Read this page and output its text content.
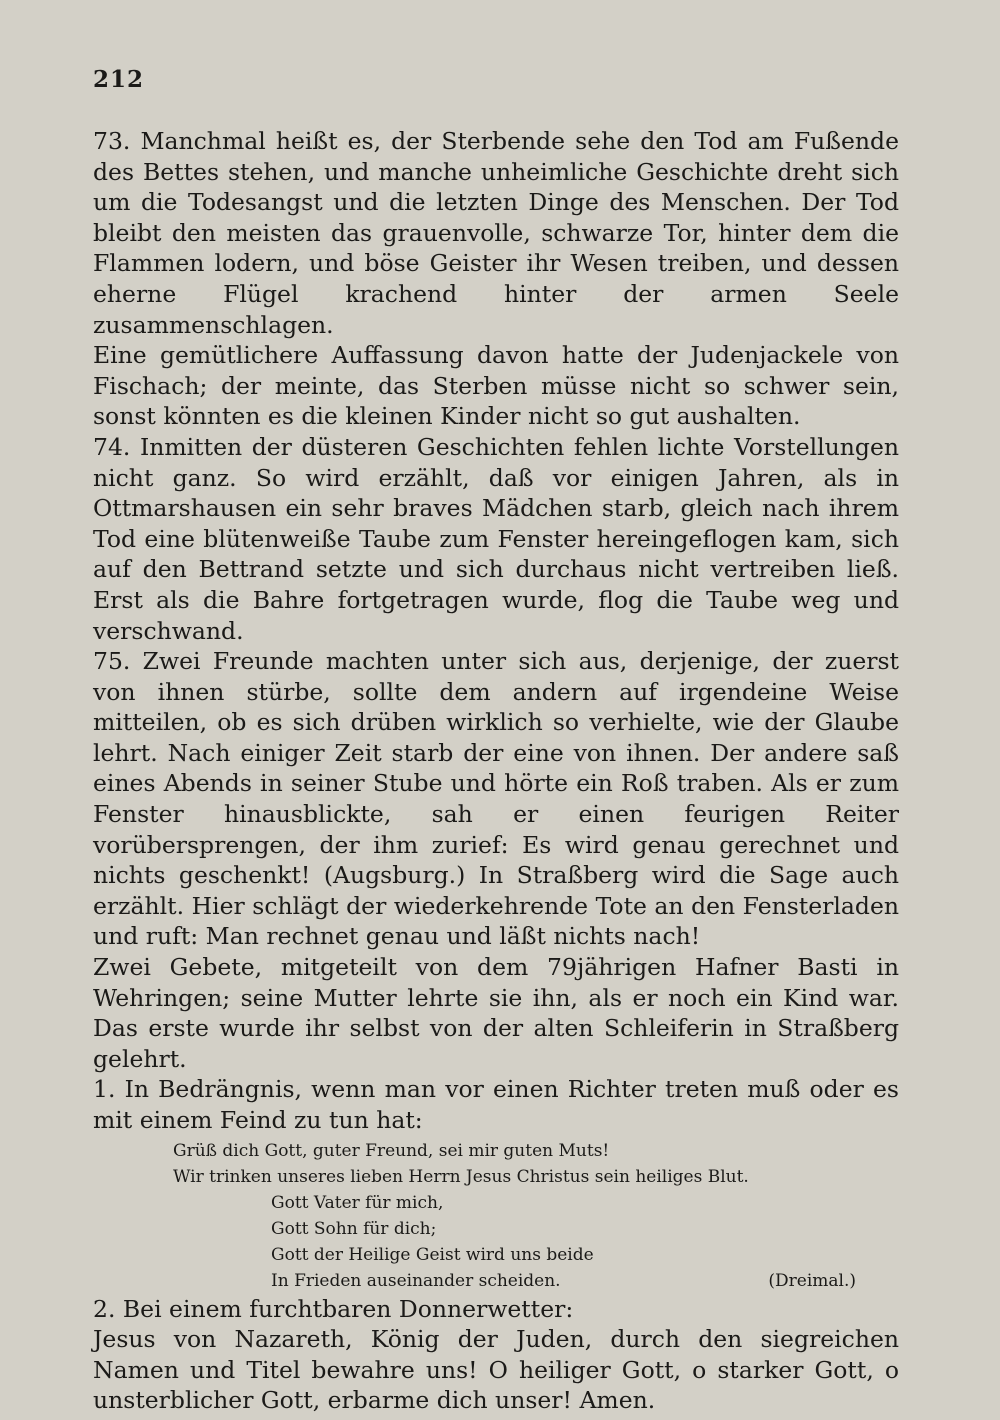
212

73. Manchmal heißt es, der Sterbende sehe den Tod am Fußende des Bettes stehen, und manche unheimliche Geschichte dreht sich um die Todesangst und die letzten Dinge des Menschen. Der Tod bleibt den meisten das grauenvolle, schwarze Tor, hinter dem die Flammen lodern, und böse Geister ihr Wesen treiben, und dessen eherne Flügel krachend hinter der armen Seele zusammenschlagen.

Eine gemütlichere Auffassung davon hatte der Judenjackele von Fischach; der meinte, das Sterben müsse nicht so schwer sein, sonst könnten es die kleinen Kinder nicht so gut aushalten.

74. Inmitten der düsteren Geschichten fehlen lichte Vorstellungen nicht ganz. So wird erzählt, daß vor einigen Jahren, als in Ottmarshausen ein sehr braves Mädchen starb, gleich nach ihrem Tod eine blütenweiße Taube zum Fenster hereingeflogen kam, sich auf den Bettrand setzte und sich durchaus nicht vertreiben ließ. Erst als die Bahre fortgetragen wurde, flog die Taube weg und verschwand.

75. Zwei Freunde machten unter sich aus, derjenige, der zuerst von ihnen stürbe, sollte dem andern auf irgendeine Weise mitteilen, ob es sich drüben wirklich so verhielte, wie der Glaube lehrt. Nach einiger Zeit starb der eine von ihnen. Der andere saß eines Abends in seiner Stube und hörte ein Roß traben. Als er zum Fenster hinausblickte, sah er einen feurigen Reiter vorübersprengen, der ihm zurief: Es wird genau gerechnet und nichts geschenkt! (Augsburg.) In Straßberg wird die Sage auch erzählt. Hier schlägt der wiederkehrende Tote an den Fensterladen und ruft: Man rechnet genau und läßt nichts nach!

Zwei Gebete, mitgeteilt von dem 79jährigen Hafner Basti in Wehringen; seine Mutter lehrte sie ihn, als er noch ein Kind war. Das erste wurde ihr selbst von der alten Schleiferin in Straßberg gelehrt.

1. In Bedrängnis, wenn man vor einen Richter treten muß oder es mit einem Feind zu tun hat:

Grüß dich Gott, guter Freund, sei mir guten Muts!
Wir trinken unseres lieben Herrn Jesus Christus sein heiliges Blut.
Gott Vater für mich,
Gott Sohn für dich;
Gott der Heilige Geist wird uns beide
In Frieden auseinander scheiden.	(Dreimal.)

2. Bei einem furchtbaren Donnerwetter:

Jesus von Nazareth, König der Juden, durch den siegreichen Namen und Titel bewahre uns! O heiliger Gott, o starker Gott, o unsterblicher Gott, erbarme dich unser! Amen.
